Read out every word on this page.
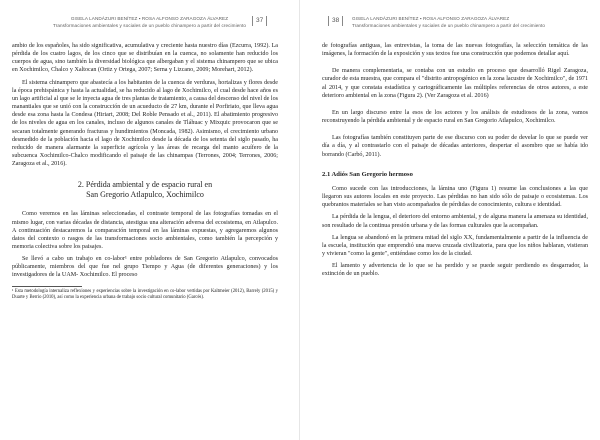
GISELA LANDÁZURI BENÍTEZ ▪ ROSA ALFONSO ZARAGOZA ÁLVAREZ
Transformaciones ambientales y sociales de un pueblo chinampero a partir del crecimiento
37

ambio de los españoles, ha sido significativa, acumulativa y creciente hasta nuestro días (Ezcurra, 1992). La pérdida de los cuatro lagos, de los cinco que se distribuían en la cuenca, no solamente han reducido los cuerpos de agua, sino también la diversidad biológica que albergaban y el sistema chinampero que se ubica en Xochimilco, Chalco y Xaltocan (Ortiz y Ortega, 2007; Serna y Lizcano, 2009; Morehart, 2012).

El sistema chinampero que abastecía a los habitantes de la cuenca de verduras, hortalizas y flores desde la época prehispánica y hasta la actualidad, se ha reducido al lago de Xochimilco, el cual desde hace años es un lago artificial al que se le inyecta agua de tres plantas de tratamiento, a causa del descenso del nivel de los manantiales que se unió con la construcción de un acueducto de 27 km, durante el Porfiriato, que lleva agua desde esa zona hasta la Condesa (Hiriart, 2008; Del Roble Pensado et al., 2011). El abatimiento progresivo de los niveles de agua en los canales, incluso de algunos canales de Tláhuac y Mixquic provocaron que se secaran totalmente generando fracturas y hundimientos (Moncada, 1982). Asimismo, el crecimiento urbano desmedido de la población hacia el lago de Xochimilco desde la década de los setenta del siglo pasado, ha reducido de manera alarmante la superficie agrícola y las áreas de recarga del manto acuífero de la subcuenca Xochimilco-Chalco modificando el paisaje de las chinampas (Terrones, 2004; Terrones, 2006; Zaragoza et al., 2016).

2. Pérdida ambiental y de espacio rural en
San Gregorio Atlapulco, Xochimilco

Como veremos en las láminas seleccionadas, el contraste temporal de las fotografías tomadas en el mismo lugar, con varias décadas de distancia, atestigua una alteración adversa del ecosistema, en Atlapulco. A continuación destacaremos la comparación temporal en las láminas expuestas, y agregaremos algunos datos del contexto o rasgos de las transformaciones socio ambientales, como también la percepción y memoria colectiva sobre los paisajes.

Se llevó a cabo un trabajo en co-labor¹ entre pobladores de San Gregorio Atlapulco, convocados públicamente, miembros del que fue nel grupo Tiempo y Agua (de diferentes generaciones) y los investigadores de la UAM- Xochimilco. El proceso

¹ Esta metodología internaliza reflexiones y experiencias sobre la investigación en co-labor vertidas por Kaltmeier (2012), Barrely (2015) y Duarte y Berrio (2010), así como la experiencia urbana de trabajo socio cultural comunitario (Garcés).
38	GISELA LANDÁZURI BENÍTEZ ▪ ROSA ALFONSO ZARAGOZA ÁLVAREZ
Transformaciones ambientales y sociales de un pueblo chinampero a partir del crecimiento

de fotografías antiguas, las entrevistas, la toma de las nuevas fotografías, la selección temática de las imágenes, la formación de la exposición y sus textos fue una construcción que podemos detallar aquí.

De manera complementaria, se contaba con un estudio en proceso que desarrolló Rigel Zaragoza, curador de esta muestra, que compara el "distrito antropogénico en la zona lacustre de Xochimilco", de 1971 al 2014, y que constata estadística y cartográficamente las múltiples referencias de otros autores, a este deterioro ambiental en la zona (Figura 2). (Ver Zaragoza et al. 2016)

En un largo discurso entre la esos de los actores y los análisis de estudiosos de la zona, vamos reconstruyendo la pérdida ambiental y de espacio rural en San Gregorio Atlapulco, Xochimilco.

Las fotografías también constituyen parte de ese discurso con su poder de develar lo que se puede ver día a día, y al contrastarlo con el paisaje de décadas anteriores, despertar el asombro que se había ido borrando (Carbó, 2011).

2.1 Adiós San Gregorio hermoso

Como sucede con las introducciones, la lámina uno (Figura 1) resume las conclusiones a las que llegaron sus autores locales en este proyecto. Las pérdidas no han sido sólo de paisaje o ecosistemas. Los quebrantos materiales se han visto acompañados de pérdidas de conocimiento, cultura e identidad.

La pérdida de la lengua, el deterioro del entorno ambiental, y de alguna manera la amenaza su identidad, son resultado de la continua presión urbana y de las formas culturales que la acompañan.

La lengua se abandonó en la primera mitad del siglo XX, fundamentalmente a partir de la influencia de la escuela, institución que emprendió una nueva cruzada civilizatoria, para que los niños hablaran, vistieran y vivieran "como la gente", entiéndase como los de la ciudad.

El lamento y advertencia de lo que se ha perdido y se puede seguir perdiendo es desgarrador, la extinción de un pueblo.
